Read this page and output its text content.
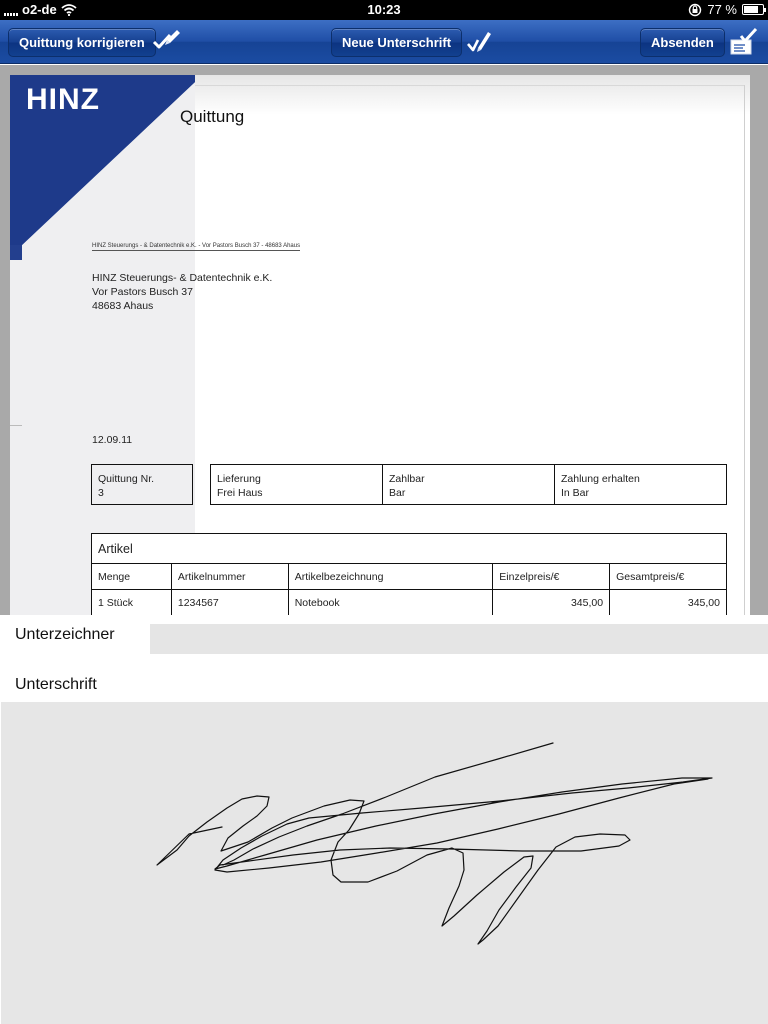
o2-de	10:23	77 %
Quittung korrigieren	Neue Unterschrift	Absenden
HINZ
Quittung
HINZ Steuerungs - & Datentechnik e.K. - Vor Pastors Busch 37 - 48683 Ahaus
HINZ Steuerungs- & Datentechnik e.K.
Vor Pastors Busch 37
48683 Ahaus
12.09.11
Quittung Nr.
3
Lieferung
Frei Haus
Zahlbar
Bar
Zahlung erhalten
In Bar
Artikel				
Menge	Artikelnummer	Artikelbezeichnung	Einzelpreis/€	Gesamtpreis/€
1 Stück	1234567	Notebook	345,00	345,00

Unterzeichner
Unterschrift
